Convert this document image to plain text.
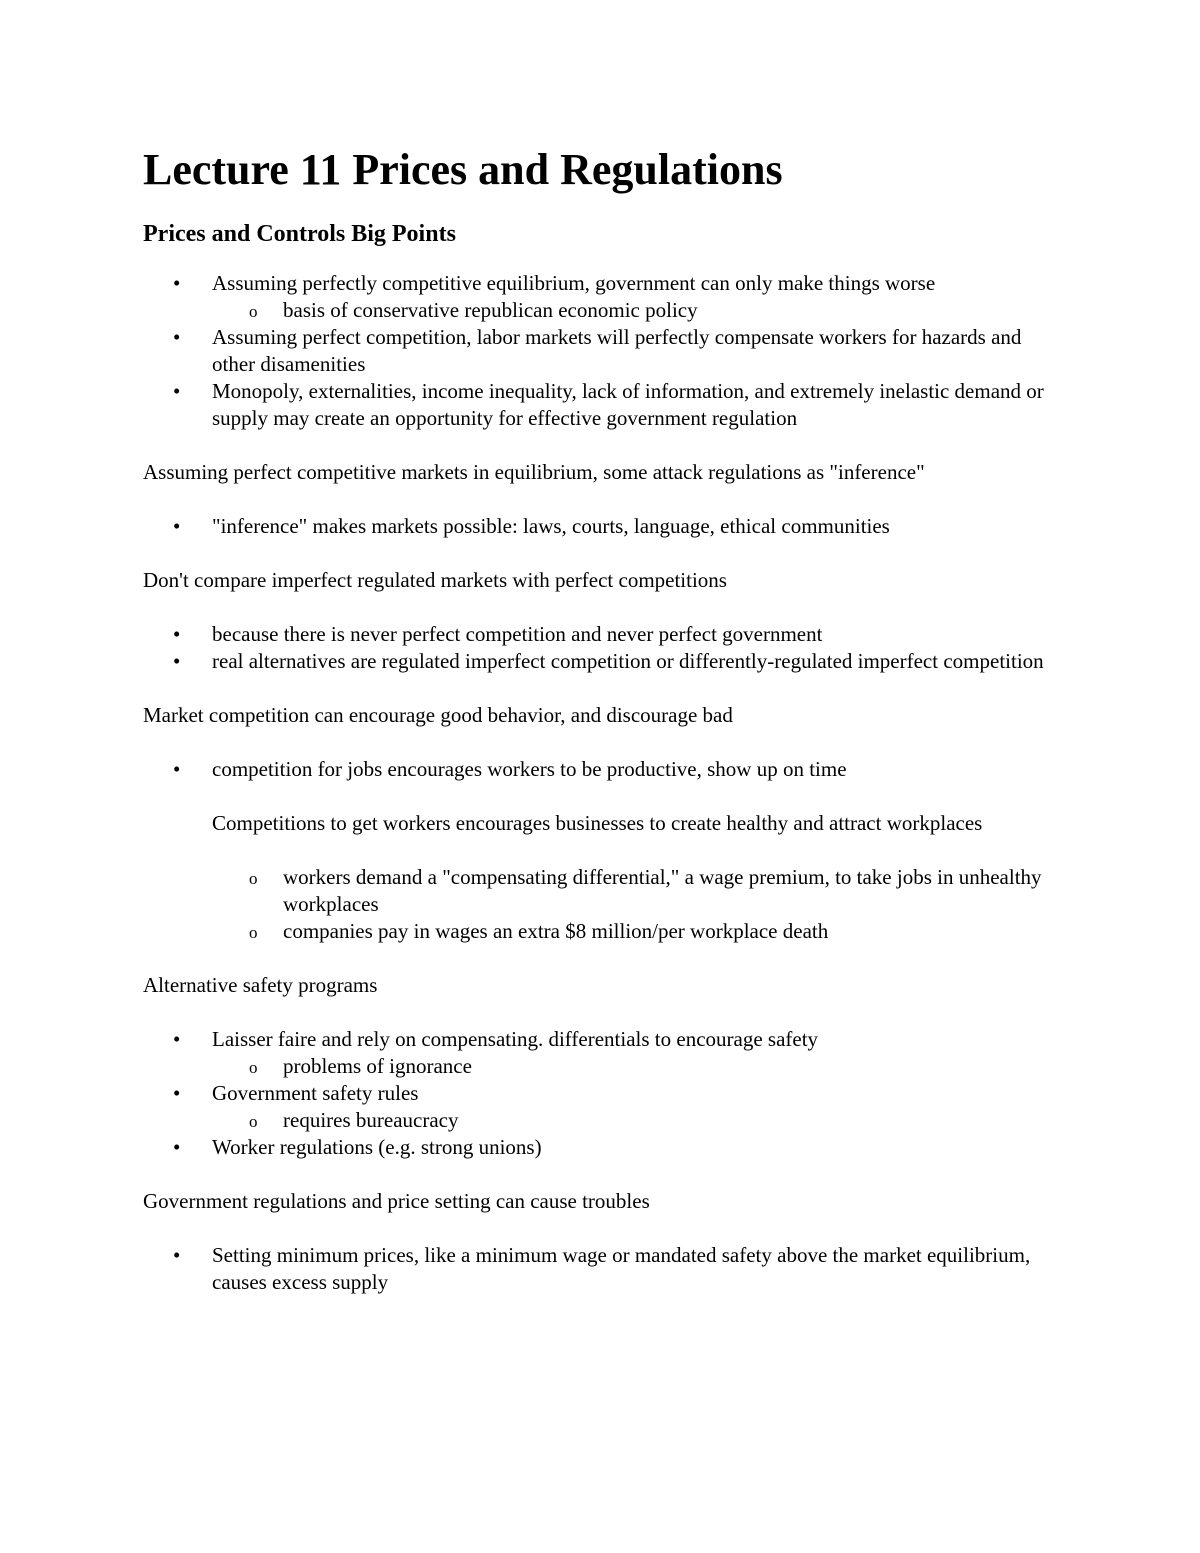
Lecture 11 Prices and Regulations
Prices and Controls Big Points
• Assuming perfectly competitive equilibrium, government can only make things worse
o basis of conservative republican economic policy
• Assuming perfect competition, labor markets will perfectly compensate workers for hazards and other disamenities
• Monopoly, externalities, income inequality, lack of information, and extremely inelastic demand or supply may create an opportunity for effective government regulation

Assuming perfect competitive markets in equilibrium, some attack regulations as "inference"

• "inference" makes markets possible: laws, courts, language, ethical communities

Don't compare imperfect regulated markets with perfect competitions

• because there is never perfect competition and never perfect government
• real alternatives are regulated imperfect competition or differently-regulated imperfect competition

Market competition can encourage good behavior, and discourage bad

• competition for jobs encourages workers to be productive, show up on time

Competitions to get workers encourages businesses to create healthy and attract workplaces

o workers demand a "compensating differential," a wage premium, to take jobs in unhealthy workplaces
o companies pay in wages an extra $8 million/per workplace death

Alternative safety programs

• Laisser faire and rely on compensating. differentials to encourage safety
o problems of ignorance
• Government safety rules
o requires bureaucracy
• Worker regulations (e.g. strong unions)

Government regulations and price setting can cause troubles

• Setting minimum prices, like a minimum wage or mandated safety above the market equilibrium, causes excess supply
